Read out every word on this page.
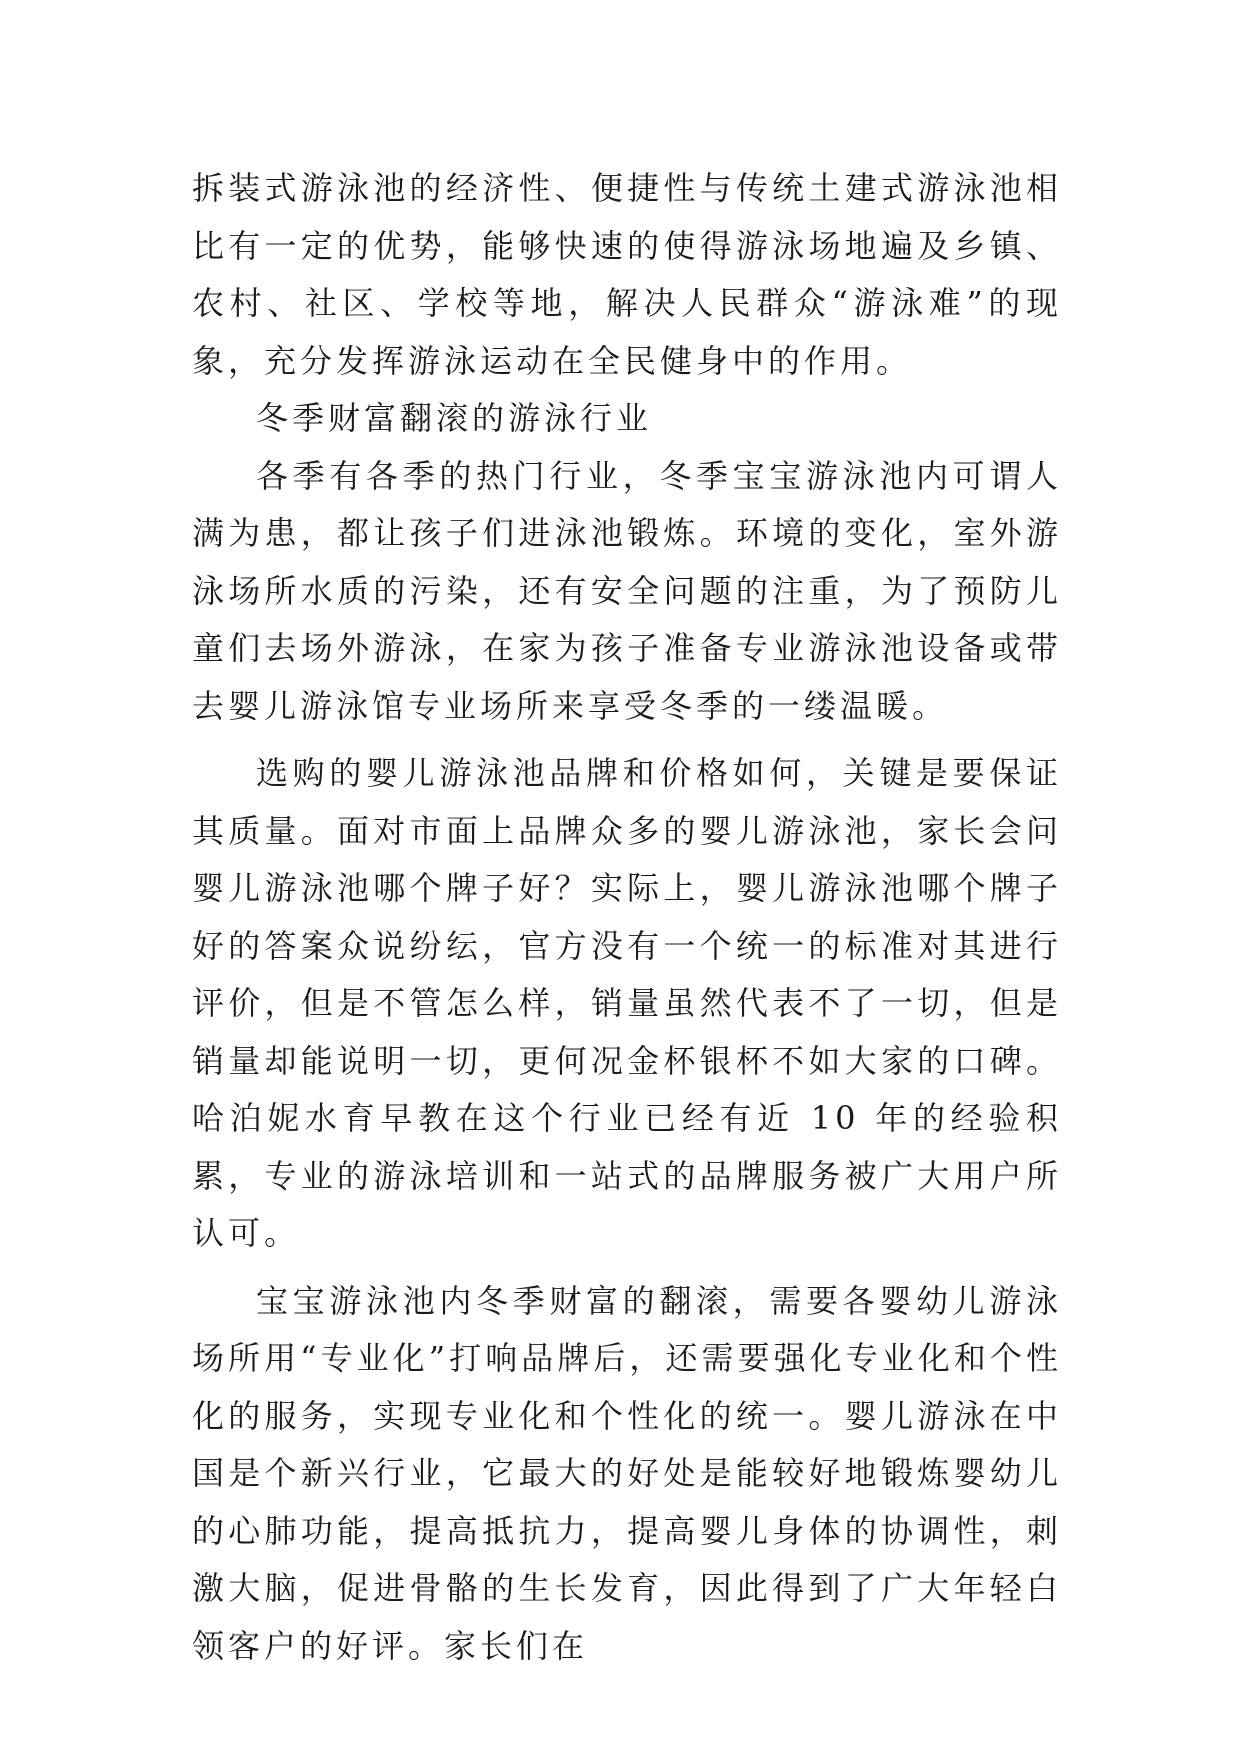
拆装式游泳池的经济性、便捷性与传统土建式游泳池相比有一定的优势，能够快速的使得游泳场地遍及乡镇、农村、社区、学校等地，解决人民群众“游泳难”的现象，充分发挥游泳运动在全民健身中的作用。

冬季财富翻滚的游泳行业

各季有各季的热门行业，冬季宝宝游泳池内可谓人满为患，都让孩子们进泳池锻炼。环境的变化，室外游泳场所水质的污染，还有安全问题的注重，为了预防儿童们去场外游泳，在家为孩子准备专业游泳池设备或带去婴儿游泳馆专业场所来享受冬季的一缕温暖。

选购的婴儿游泳池品牌和价格如何，关键是要保证其质量。面对市面上品牌众多的婴儿游泳池，家长会问婴儿游泳池哪个牌子好？实际上，婴儿游泳池哪个牌子好的答案众说纷纭，官方没有一个统一的标准对其进行评价，但是不管怎么样，销量虽然代表不了一切，但是销量却能说明一切，更何况金杯银杯不如大家的口碑。哈泊妮水育早教在这个行业已经有近 10 年的经验积累，专业的游泳培训和一站式的品牌服务被广大用户所认可。

宝宝游泳池内冬季财富的翻滚，需要各婴幼儿游泳场所用“专业化”打响品牌后，还需要强化专业化和个性化的服务，实现专业化和个性化的统一。婴儿游泳在中国是个新兴行业，它最大的好处是能较好地锻炼婴幼儿的心肺功能，提高抵抗力，提高婴儿身体的协调性，刺激大脑，促进骨骼的生长发育，因此得到了广大年轻白领客户的好评。家长们在
